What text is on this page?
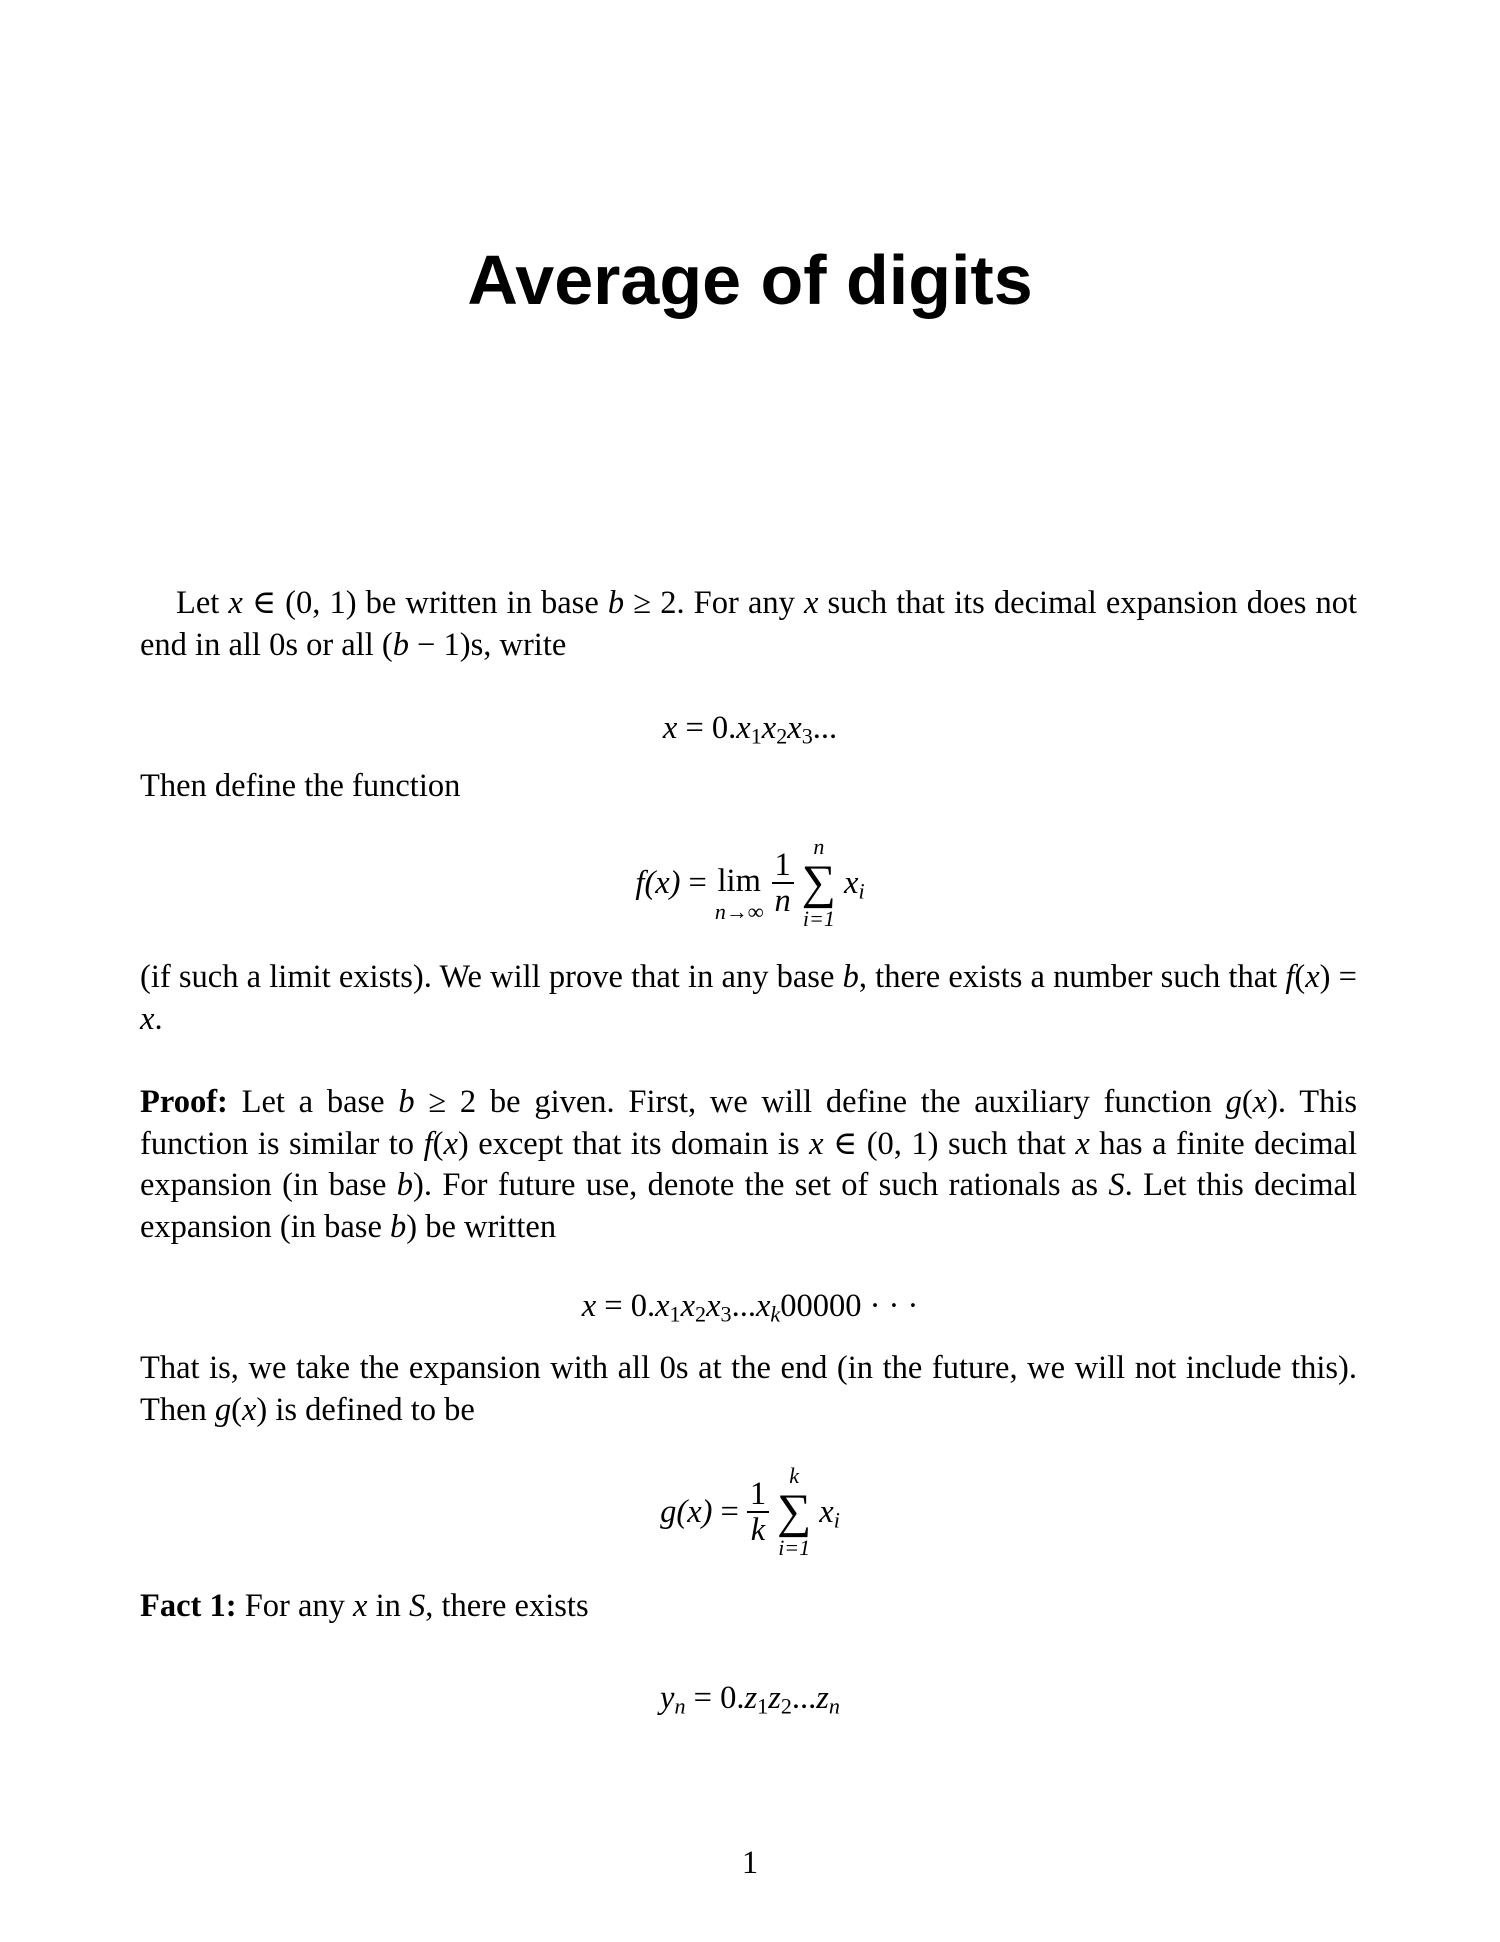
Average of digits
Let x ∈ (0, 1) be written in base b ≥ 2. For any x such that its decimal expansion does not end in all 0s or all (b − 1)s, write
$x = 0.x_1x_2x_3$...
Then define the function
f(x) = lim
$n\to\infty \frac{1}{n}$
n
∑
i=1
$x_i$
(if such a limit exists). We will prove that in any base b, there exists a number such that f(x) = x.
Proof: Let a base b ≥ 2 be given. First, we will define the auxiliary function g(x). This function is similar to f(x) except that its domain is x ∈ (0, 1) such that x has a finite decimal expansion (in base b). For future use, denote the set of such rationals as S. Let this decimal expansion (in base b) be written
$x = 0.x_1x_2x_3...x_k00000$ · · ·
That is, we take the expansion with all 0s at the end (in the future, we will not include this). Then g(x) is defined to be
$g(x) = \frac{1}{k}$
k
∑
i=1
$x_i$
Fact 1: For any x in S, there exists
$y_n = 0.z_1z_2...z_n$
1
